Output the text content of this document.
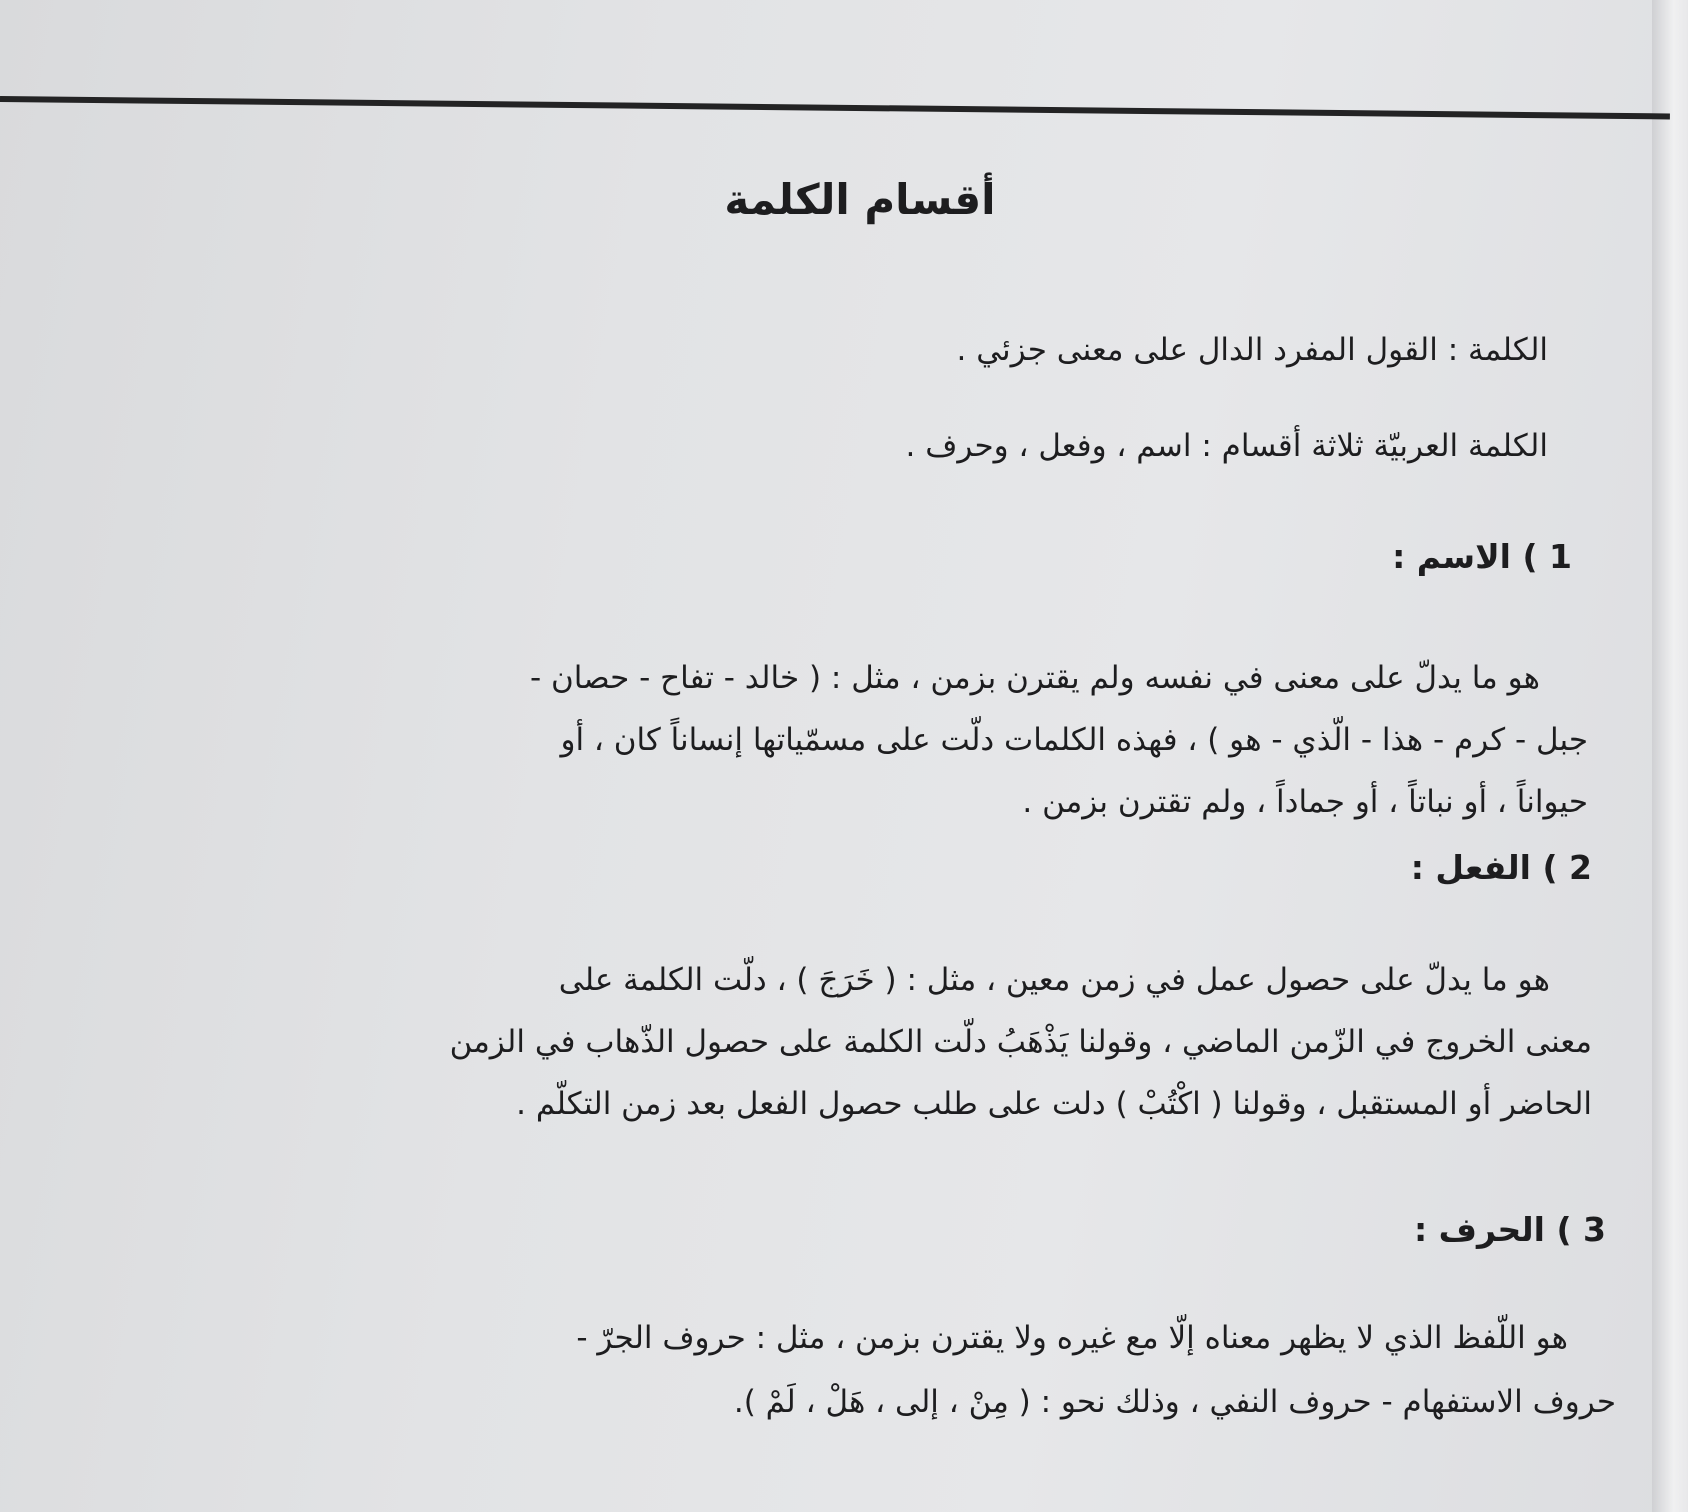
أقسام الكلمة
الكلمة : القول المفرد الدال على معنى جزئي .
الكلمة العربيّة ثلاثة أقسام : اسم ، وفعل ، وحرف .
1 ) الاسم :
هو ما يدلّ على معنى في نفسه ولم يقترن بزمن ، مثل : ( خالد - تفاح - حصان -
جبل - كرم - هذا - الّذي - هو ) ، فهذه الكلمات دلّت على مسمّياتها إنساناً كان ، أو
حيواناً ، أو نباتاً ، أو جماداً ، ولم تقترن بزمن .
2 ) الفعل :
هو ما يدلّ على حصول عمل في زمن معين ، مثل : ( خَرَجَ ) ، دلّت الكلمة على
معنى الخروج في الزّمن الماضي ، وقولنا يَذْهَبُ دلّت الكلمة على حصول الذّهاب في الزمن
الحاضر أو المستقبل ، وقولنا ( اكْتُبْ ) دلت على طلب حصول الفعل بعد زمن التكلّم .
3 ) الحرف :
هو اللّفظ الذي لا يظهر معناه إلّا مع غيره ولا يقترن بزمن ، مثل : حروف الجرّ -
حروف الاستفهام - حروف النفي ، وذلك نحو : ( مِنْ ، إلى ، هَلْ ، لَمْ ).
